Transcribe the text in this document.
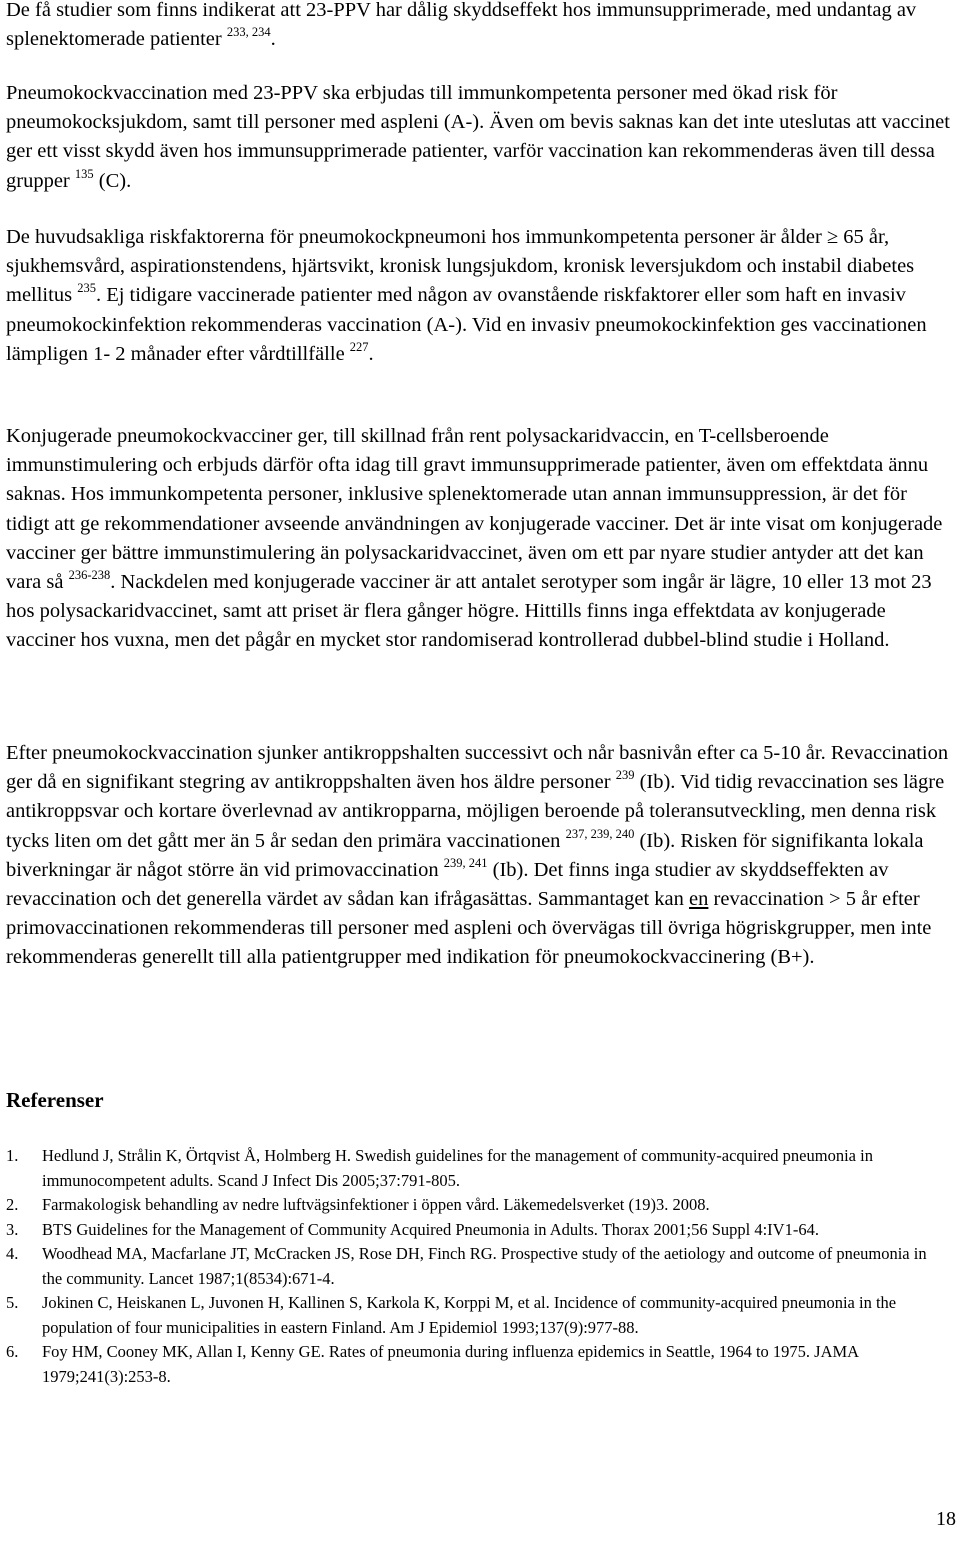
De få studier som finns indikerat att 23-PPV har dålig skyddseffekt hos immunsupprimerade, med undantag av splenektomerade patienter $^{233, 234}$.

Pneumokockvaccination med 23-PPV ska erbjudas till immunkompetenta personer med ökad risk för pneumokocksjukdom, samt till personer med aspleni (A-). Även om bevis saknas kan det inte uteslutas att vaccinet ger ett visst skydd även hos immunsupprimerade patienter, varför vaccination kan rekommenderas även till dessa grupper $^{135}$ (C).

De huvudsakliga riskfaktorerna för pneumokockpneumoni hos immunkompetenta personer är ålder ≥ 65 år, sjukhemsvård, aspirationstendens, hjärtsvikt, kronisk lungsjukdom, kronisk leversjukdom och instabil diabetes mellitus $^{235}$. Ej tidigare vaccinerade patienter med någon av ovanstående riskfaktorer eller som haft en invasiv pneumokockinfektion rekommenderas vaccination (A-). Vid en invasiv pneumokockinfektion ges vaccinationen lämpligen 1- 2 månader efter vårdtillfälle $^{227}$.

Konjugerade pneumokockvacciner ger, till skillnad från rent polysackaridvaccin, en T-cellsberoende immunstimulering och erbjuds därför ofta idag till gravt immunsupprimerade patienter, även om effektdata ännu saknas. Hos immunkompetenta personer, inklusive splenektomerade utan annan immunsuppression, är det för tidigt att ge rekommendationer avseende användningen av konjugerade vacciner. Det är inte visat om konjugerade vacciner ger bättre immunstimulering än polysackaridvaccinet, även om ett par nyare studier antyder att det kan vara så $^{236-238}$. Nackdelen med konjugerade vacciner är att antalet serotyper som ingår är lägre, 10 eller 13 mot 23 hos polysackaridvaccinet, samt att priset är flera gånger högre. Hittills finns inga effektdata av konjugerade vacciner hos vuxna, men det pågår en mycket stor randomiserad kontrollerad dubbel-blind studie i Holland.

Efter pneumokockvaccination sjunker antikroppshalten successivt och når basnivån efter ca 5-10 år. Revaccination ger då en signifikant stegring av antikroppshalten även hos äldre personer $^{239}$ (Ib). Vid tidig revaccination ses lägre antikroppsvar och kortare överlevnad av antikropparna, möjligen beroende på toleransutveckling, men denna risk tycks liten om det gått mer än 5 år sedan den primära vaccinationen $^{237, 239, 240}$ (Ib). Risken för signifikanta lokala biverkningar är något större än vid primovaccination $^{239, 241}$ (Ib). Det finns inga studier av skyddseffekten av revaccination och det generella värdet av sådan kan ifrågasättas. Sammantaget kan en revaccination > 5 år efter primovaccinationen rekommenderas till personer med aspleni och övervägas till övriga högriskgrupper, men inte rekommenderas generellt till alla patientgrupper med indikation för pneumokockvaccinering (B+).

Referenser
1.	Hedlund J, Strålin K, Örtqvist Å, Holmberg H. Swedish guidelines for the management of community-acquired pneumonia in immunocompetent adults. Scand J Infect Dis 2005;37:791-805.
2.	Farmakologisk behandling av nedre luftvägsinfektioner i öppen vård. Läkemedelsverket (19)3. 2008.
3.	BTS Guidelines for the Management of Community Acquired Pneumonia in Adults. Thorax 2001;56 Suppl 4:IV1-64.
4.	Woodhead MA, Macfarlane JT, McCracken JS, Rose DH, Finch RG. Prospective study of the aetiology and outcome of pneumonia in the community. Lancet 1987;1(8534):671-4.
5.	Jokinen C, Heiskanen L, Juvonen H, Kallinen S, Karkola K, Korppi M, et al. Incidence of community-acquired pneumonia in the population of four municipalities in eastern Finland. Am J Epidemiol 1993;137(9):977-88.
6.	Foy HM, Cooney MK, Allan I, Kenny GE. Rates of pneumonia during influenza epidemics in Seattle, 1964 to 1975. JAMA 1979;241(3):253-8.
18
